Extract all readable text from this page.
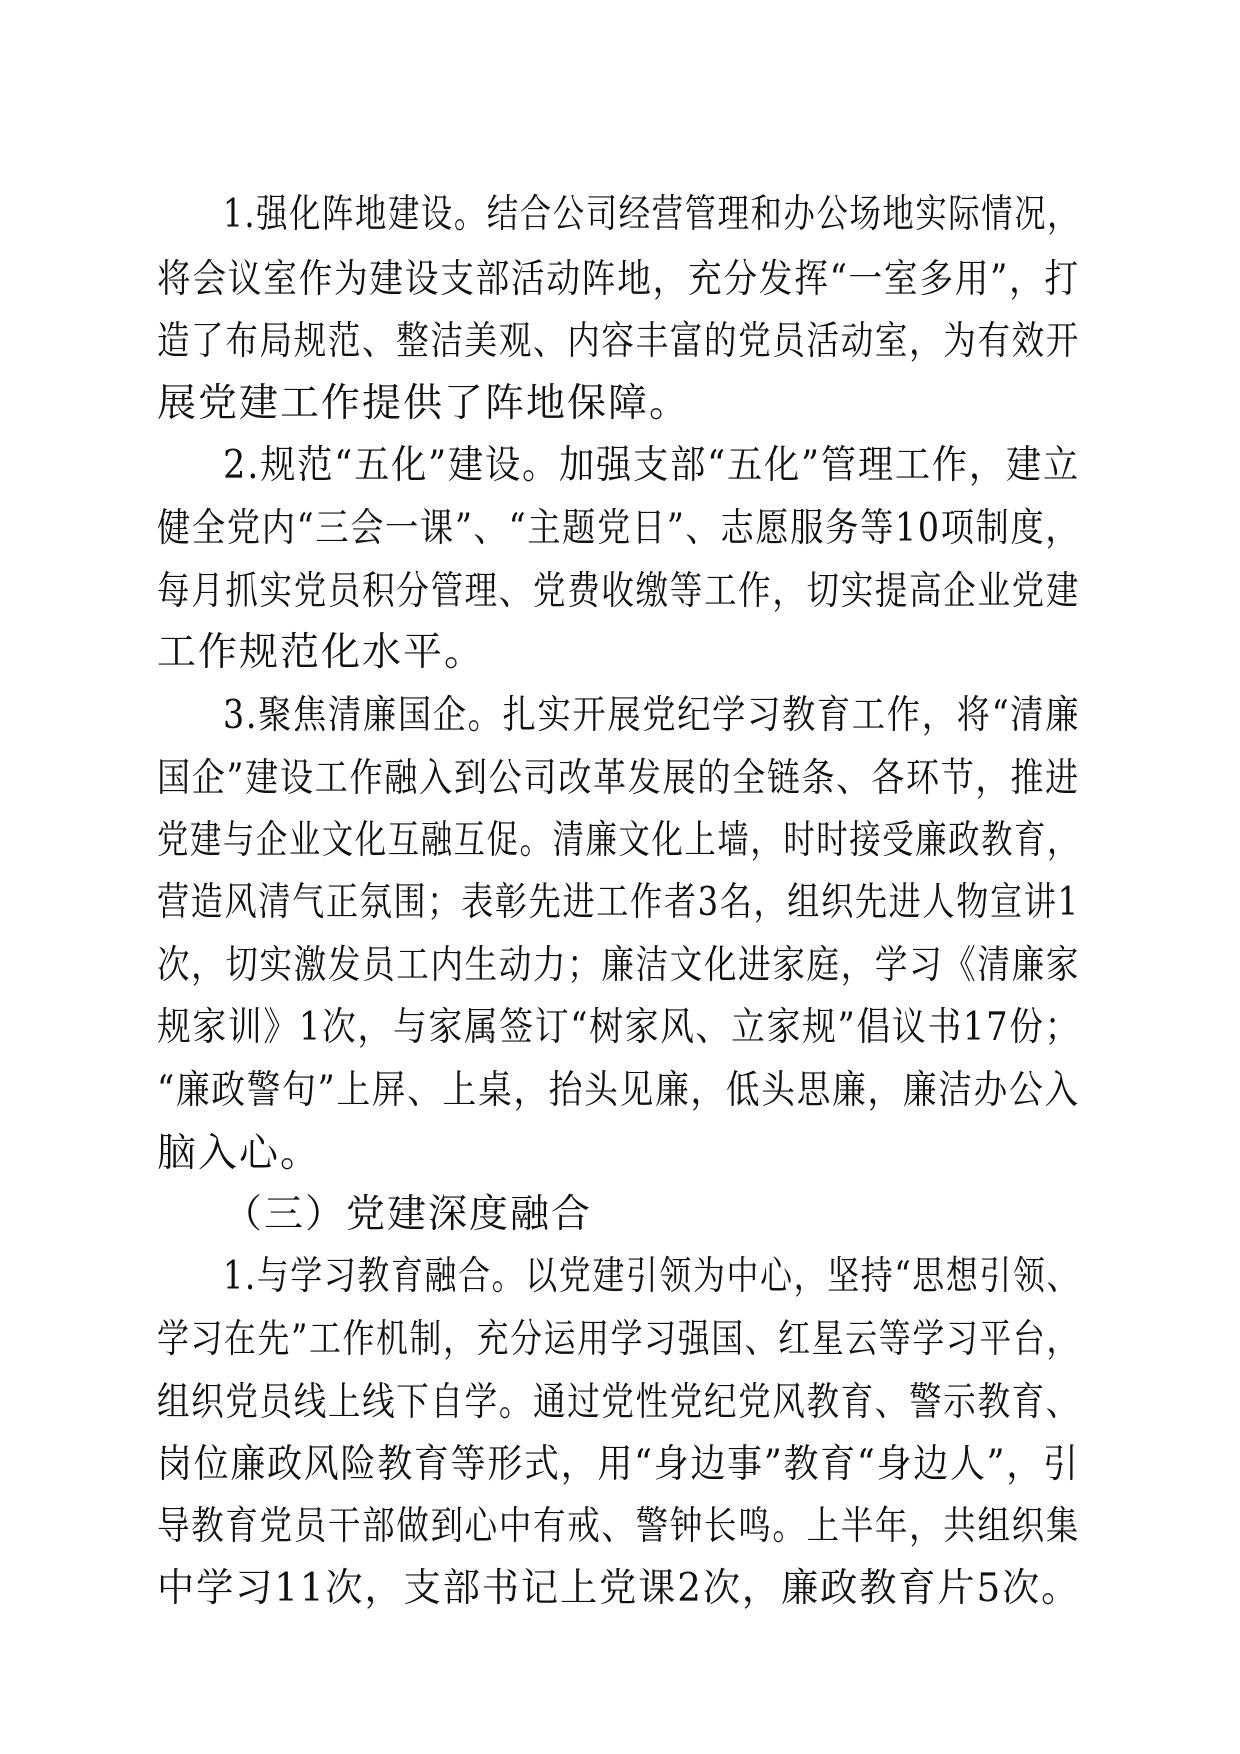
1.强化阵地建设。结合公司经营管理和办公场地实际情况，
将会议室作为建设支部活动阵地，充分发挥“一室多用”，打
造了布局规范、整洁美观、内容丰富的党员活动室，为有效开
展党建工作提供了阵地保障。
2.规范“五化”建设。加强支部“五化”管理工作，建立
健全党内“三会一课”、“主题党日”、志愿服务等10项制度，
每月抓实党员积分管理、党费收缴等工作，切实提高企业党建
工作规范化水平。
3.聚焦清廉国企。扎实开展党纪学习教育工作，将“清廉
国企”建设工作融入到公司改革发展的全链条、各环节，推进
党建与企业文化互融互促。清廉文化上墙，时时接受廉政教育，
营造风清气正氛围；表彰先进工作者3名，组织先进人物宣讲1
次，切实激发员工内生动力；廉洁文化进家庭，学习《清廉家
规家训》1次，与家属签订“树家风、立家规”倡议书17份；
“廉政警句”上屏、上桌，抬头见廉，低头思廉，廉洁办公入
脑入心。
（三）党建深度融合
1.与学习教育融合。以党建引领为中心，坚持“思想引领、
学习在先”工作机制，充分运用学习强国、红星云等学习平台，
组织党员线上线下自学。通过党性党纪党风教育、警示教育、
岗位廉政风险教育等形式，用“身边事”教育“身边人”，引
导教育党员干部做到心中有戒、警钟长鸣。上半年，共组织集
中学习11次，支部书记上党课2次，廉政教育片5次。
